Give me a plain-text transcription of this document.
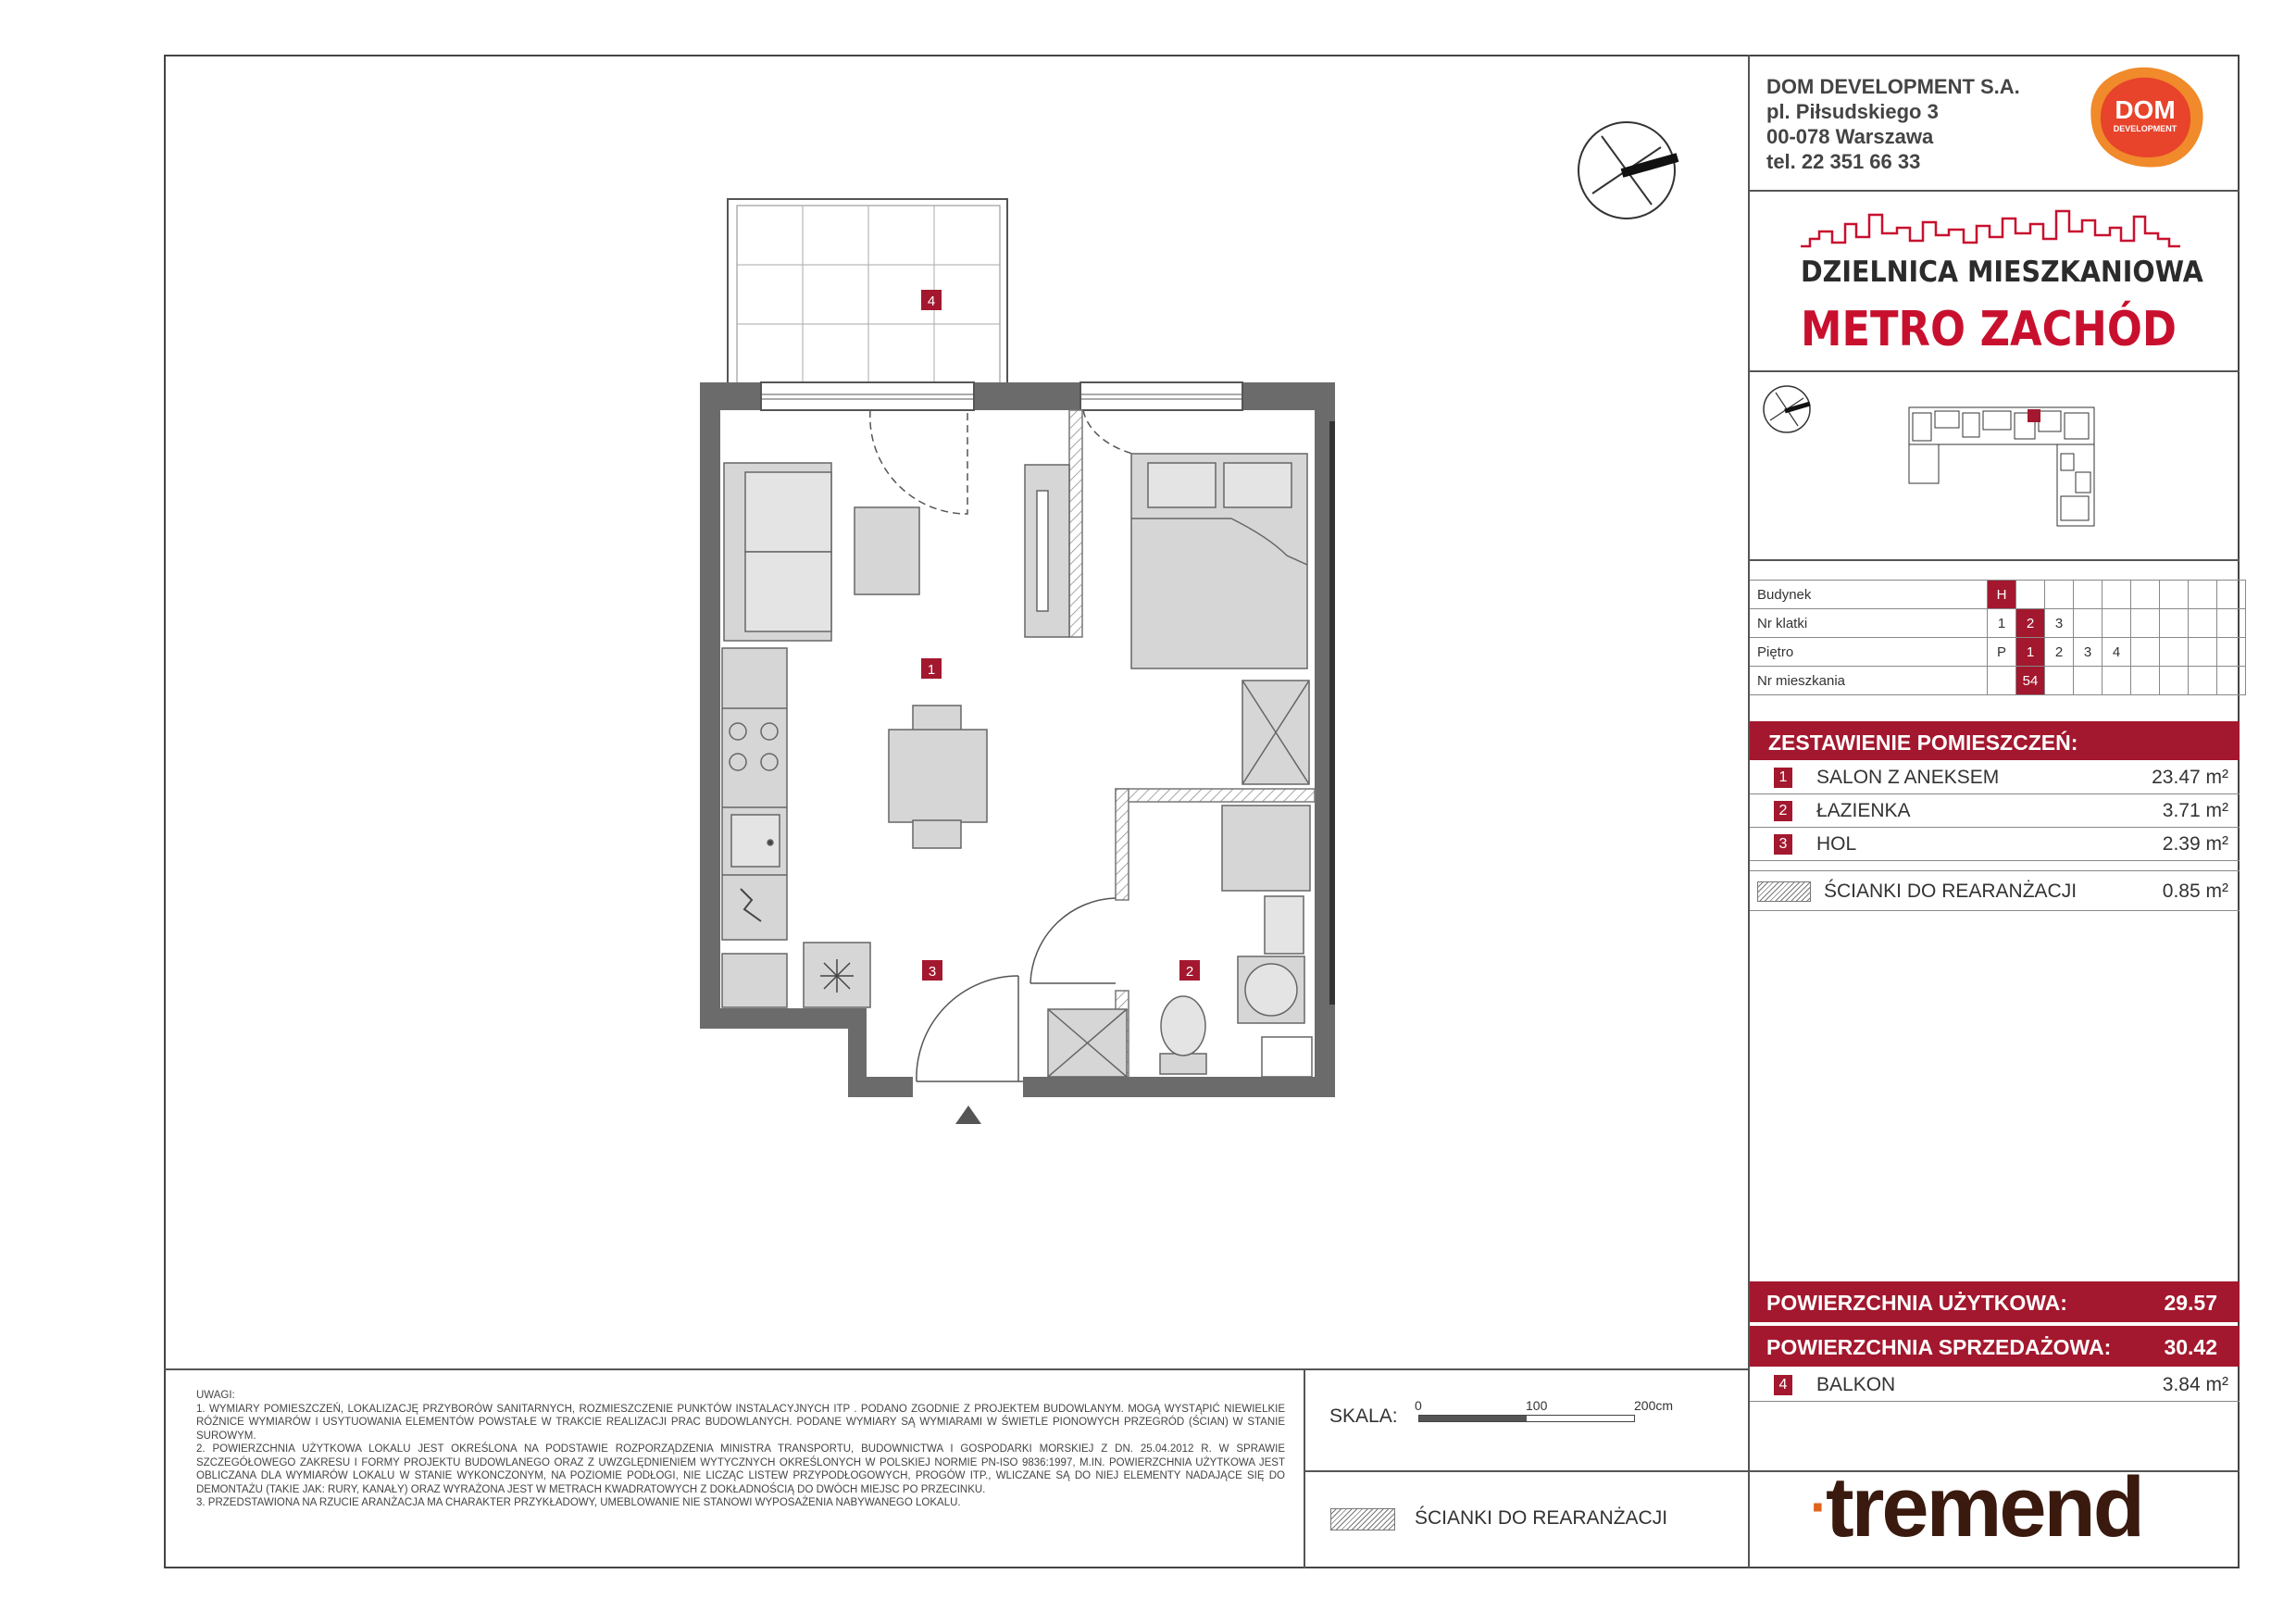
DOM DEVELOPMENT S.A.
pl. Piłsudskiego 3
00-078 Warszawa
tel. 22 351 66 33
DOM
DEVELOPMENT
DZIELNICA MIESZKANIOWA
METRO ZACHÓD
Budynek	H								
Nr klatki	1	2	3						
Piętro	P	1	2	3	4				
Nr mieszkania		54							
ZESTAWIENIE POMIESZCZEŃ:
1 SALON Z ANEKSEM	23.47 m²
2 ŁAZIENKA	3.71 m²
3 HOL	2.39 m²
ŚCIANKI DO REARANŻACJI	0.85 m²
POWIERZCHNIA UŻYTKOWA:	29.57
POWIERZCHNIA SPRZEDAŻOWA: 30.42
4 BALKON	3.84 m²

UWAGI:

1. WYMIARY POMIESZCZEŃ, LOKALIZACJĘ PRZYBORÓW SANITARNYCH, ROZMIESZCZENIE PUNKTÓW INSTALACYJNYCH ITP . PODANO ZGODNIE Z PROJEKTEM BUDOWLANYM. MOGĄ WYSTĄPIĆ NIEWIELKIE RÓŻNICE WYMIARÓW I USYTUOWANIA ELEMENTÓW POWSTAŁE W TRAKCIE REALIZACJI PRAC BUDOWLANYCH. PODANE WYMIARY SĄ WYMIARAMI W ŚWIETLE PIONOWYCH PRZEGRÓD (ŚCIAN) W STANIE SUROWYM.

2. POWIERZCHNIA UŻYTKOWA LOKALU JEST OKREŚLONA NA PODSTAWIE ROZPORZĄDZENIA MINISTRA TRANSPORTU, BUDOWNICTWA I GOSPODARKI MORSKIEJ Z DN. 25.04.2012 R. W SPRAWIE SZCZEGÓŁOWEGO ZAKRESU I FORMY PROJEKTU BUDOWLANEGO ORAZ Z UWZGLĘDNIENIEM WYTYCZNYCH OKREŚLONYCH W POLSKIEJ NORMIE PN-ISO 9836:1997, M.IN. POWIERZCHNIA UŻYTKOWA JEST OBLICZANA DLA WYMIARÓW LOKALU W STANIE WYKONCZONYM, NA POZIOMIE PODŁOGI, NIE LICZĄC LISTEW PRZYPODŁOGOWYCH, PROGÓW ITP., WLICZANE SĄ DO NIEJ ELEMENTY NADAJĄCE SIĘ DO DEMONTAŻU (TAKIE JAK: RURY, KANAŁY) ORAZ WYRAŻONA JEST W METRACH KWADRATOWYCH Z DOKŁADNOŚCIĄ DO DWÓCH MIEJSC PO PRZECINKU.

3. PRZEDSTAWIONA NA RZUCIE ARANŻACJA MA CHARAKTER PRZYKŁADOWY, UMEBLOWANIE NIE STANOWI WYPOSAŻENIA NABYWANEGO LOKALU.

SKALA: 0	100	200cm
ŚCIANKI DO REARANŻACJI	·tremend
4
1
3	2
